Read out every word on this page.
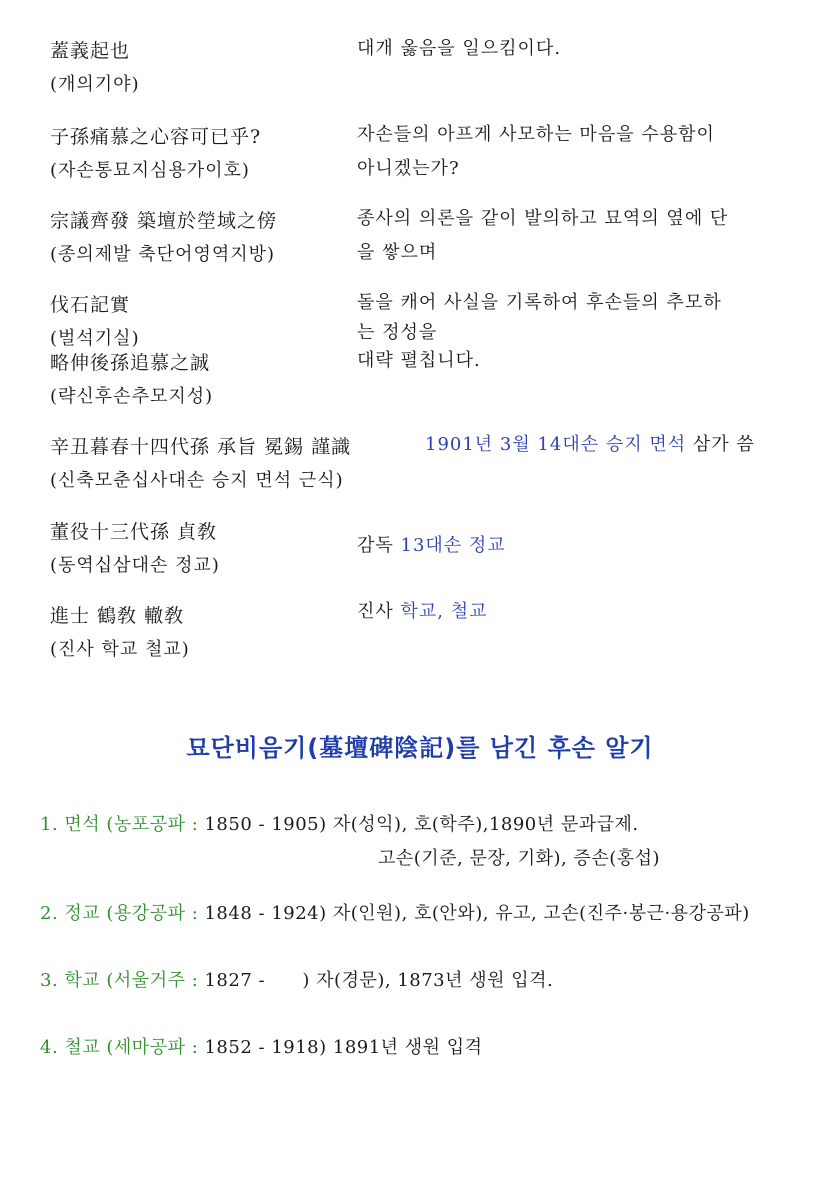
蓋義起也
(개의기야)
대개 옳음을 일으킴이다.
子孫痛慕之心容可已乎?
(자손통묘지심용가이호)
자손들의 아프게 사모하는 마음을 수용함이
아니겠는가?
宗議齊發 築壇於塋域之傍
(종의제발 축단어영역지방)
종사의 의론을 같이 발의하고 묘역의 옆에 단
을 쌓으며
伐石記實
(벌석기실)
돌을 캐어 사실을 기록하여 후손들의 추모하
는 정성을
略伸後孫追慕之誠
(략신후손추모지성)
대략 펼칩니다.
辛丑暮春十四代孫 承旨 冕錫 謹識
(신축모춘십사대손 승지 면석 근식)
1901년 3월 14대손 승지 면석 삼가 씀
董役十三代孫 貞敎
(동역십삼대손 정교)
감독 13대손 정교
進士 鶴敎 轍敎
(진사 학교 철교)
진사 학교, 철교
묘단비음기(墓壇碑陰記)를 남긴 후손 알기
1. 면석 (농포공파 : 1850 - 1905) 자(성익), 호(학주),1890년 문과급제.
고손(기준, 문장, 기화), 증손(홍섭)
2. 정교 (용강공파 : 1848 - 1924) 자(인원), 호(안와), 유고, 고손(진주·봉근·용강공파)
3. 학교 (서울거주 : 1827 -      ) 자(경문), 1873년 생원 입격.
4. 철교 (세마공파 : 1852 - 1918) 1891년 생원 입격
